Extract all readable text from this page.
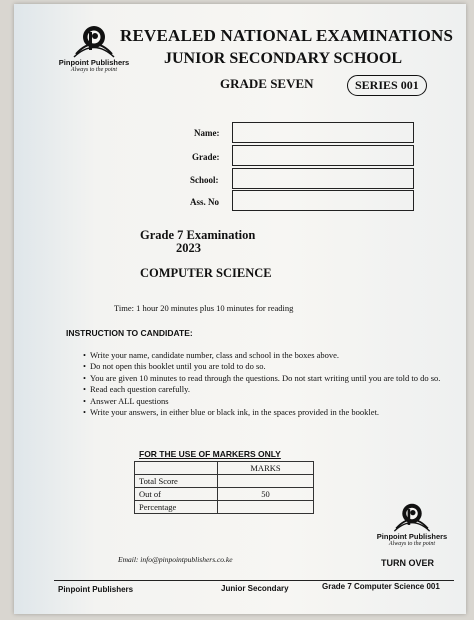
Pinpoint Publishers
Always to the point
REVEALED NATIONAL EXAMINATIONS
JUNIOR SECONDARY SCHOOL
GRADE SEVEN	SERIES 001
Name:
Grade:
School:
Ass. No
Grade 7 Examination
2023
COMPUTER SCIENCE
Time: 1 hour 20 minutes plus 10 minutes for reading
INSTRUCTION TO CANDIDATE:
• Write your name, candidate number, class and school in the boxes above.
• Do not open this booklet until you are told to do so.
• You are given 10 minutes to read through the questions. Do not start writing until you are told to do so.
• Read each question carefully.
• Answer ALL questions
• Write your answers, in either blue or black ink, in the spaces provided in the booklet.
FOR THE USE OF MARKERS ONLY
	MARKS
Total Score	
Out of	50
Percentage	
Pinpoint Publishers
Always to the point
TURN OVER
Email: info@pinpointpublishers.co.ke
Pinpoint Publishers	Junior Secondary	Grade 7 Computer Science 001
